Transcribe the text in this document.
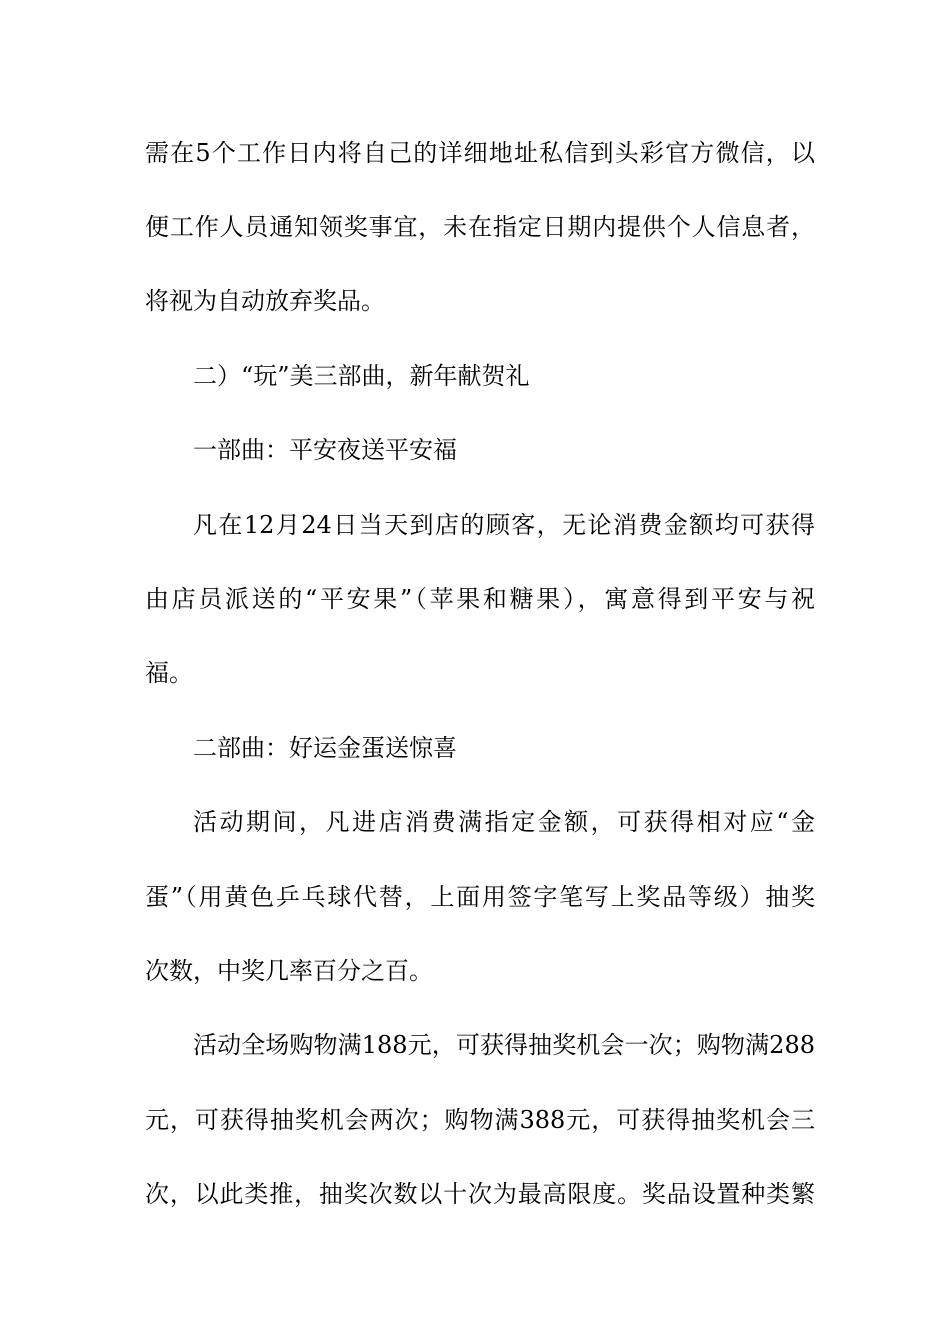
需在5个工作日内将自己的详细地址私信到头彩官方微信，以
便工作人员通知领奖事宜，未在指定日期内提供个人信息者，
将视为自动放弃奖品。
二）“玩”美三部曲，新年献贺礼
一部曲：平安夜送平安福
凡在12月24日当天到店的顾客，无论消费金额均可获得
由店员派送的“平安果”（苹果和糖果），寓意得到平安与祝
福。
二部曲：好运金蛋送惊喜
活动期间，凡进店消费满指定金额，可获得相对应“金
蛋”（用黄色乒乓球代替，上面用签字笔写上奖品等级）抽奖
次数，中奖几率百分之百。
活动全场购物满188元，可获得抽奖机会一次；购物满288
元，可获得抽奖机会两次；购物满388元，可获得抽奖机会三
次，以此类推，抽奖次数以十次为最高限度。奖品设置种类繁
